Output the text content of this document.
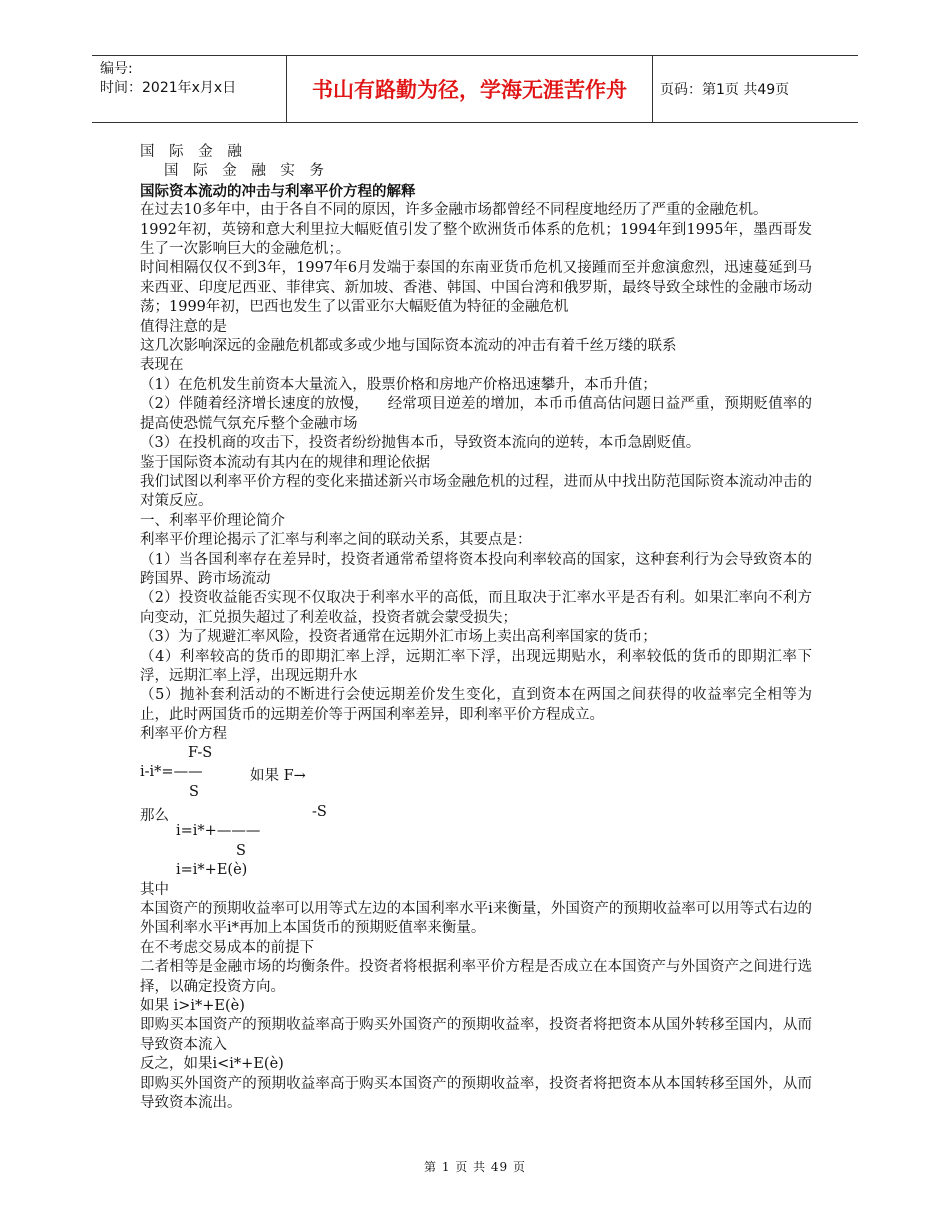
编号:
时间：2021年x月x日	书山有路勤为径，学海无涯苦作舟	页码：第1页 共49页
国 际 金 融
国 际 金 融 实 务
国际资本流动的冲击与利率平价方程的解释
在过去10多年中，由于各自不同的原因，许多金融市场都曾经不同程度地经历了严重的金融危机。
1992年初，英镑和意大利里拉大幅贬值引发了整个欧洲货币体系的危机；1994年到1995年，墨西哥发生了一次影响巨大的金融危机；。
时间相隔仅仅不到3年，1997年6月发端于泰国的东南亚货币危机又接踵而至并愈演愈烈，迅速蔓延到马来西亚、印度尼西亚、菲律宾、新加坡、香港、韩国、中国台湾和俄罗斯，最终导致全球性的金融市场动荡；1999年初，巴西也发生了以雷亚尔大幅贬值为特征的金融危机
值得注意的是
这几次影响深远的金融危机都或多或少地与国际资本流动的冲击有着千丝万缕的联系
表现在
（1）在危机发生前资本大量流入，股票价格和房地产价格迅速攀升，本币升值；
（2）伴随着经济增长速度的放慢，    经常项目逆差的增加，本币币值高估问题日益严重，预期贬值率的提高使恐慌气氛充斥整个金融市场
（3）在投机商的攻击下，投资者纷纷抛售本币，导致资本流向的逆转，本币急剧贬值。
鉴于国际资本流动有其内在的规律和理论依据
我们试图以利率平价方程的变化来描述新兴市场金融危机的过程，进而从中找出防范国际资本流动冲击的对策反应。
一、利率平价理论简介
利率平价理论揭示了汇率与利率之间的联动关系，其要点是：
（1）当各国利率存在差异时，投资者通常希望将资本投向利率较高的国家，这种套利行为会导致资本的跨国界、跨市场流动
（2）投资收益能否实现不仅取决于利率水平的高低，而且取决于汇率水平是否有利。如果汇率向不利方向变动，汇兑损失超过了利差收益，投资者就会蒙受损失；
（3）为了规避汇率风险，投资者通常在远期外汇市场上卖出高利率国家的货币；
（4）利率较高的货币的即期汇率上浮，远期汇率下浮，出现远期贴水，利率较低的货币的即期汇率下浮，远期汇率上浮，出现远期升水
（5）抛补套利活动的不断进行会使远期差价发生变化，直到资本在两国之间获得的收益率完全相等为止，此时两国货币的远期差价等于两国利率差异，即利率平价方程成立。
利率平价方程
F-S
i-i*=——	如果 F→
S
那么	-S
i=i*+———
S
i=i*+E(è)
其中
本国资产的预期收益率可以用等式左边的本国利率水平i来衡量，外国资产的预期收益率可以用等式右边的外国利率水平i*再加上本国货币的预期贬值率来衡量。
在不考虑交易成本的前提下
二者相等是金融市场的均衡条件。投资者将根据利率平价方程是否成立在本国资产与外国资产之间进行选择，以确定投资方向。
如果 i>i*+E(è)
即购买本国资产的预期收益率高于购买外国资产的预期收益率，投资者将把资本从国外转移至国内，从而导致资本流入
反之，如果i<i*+E(è)
即购买外国资产的预期收益率高于购买本国资产的预期收益率，投资者将把资本从本国转移至国外，从而导致资本流出。
第 1 页 共 49 页
